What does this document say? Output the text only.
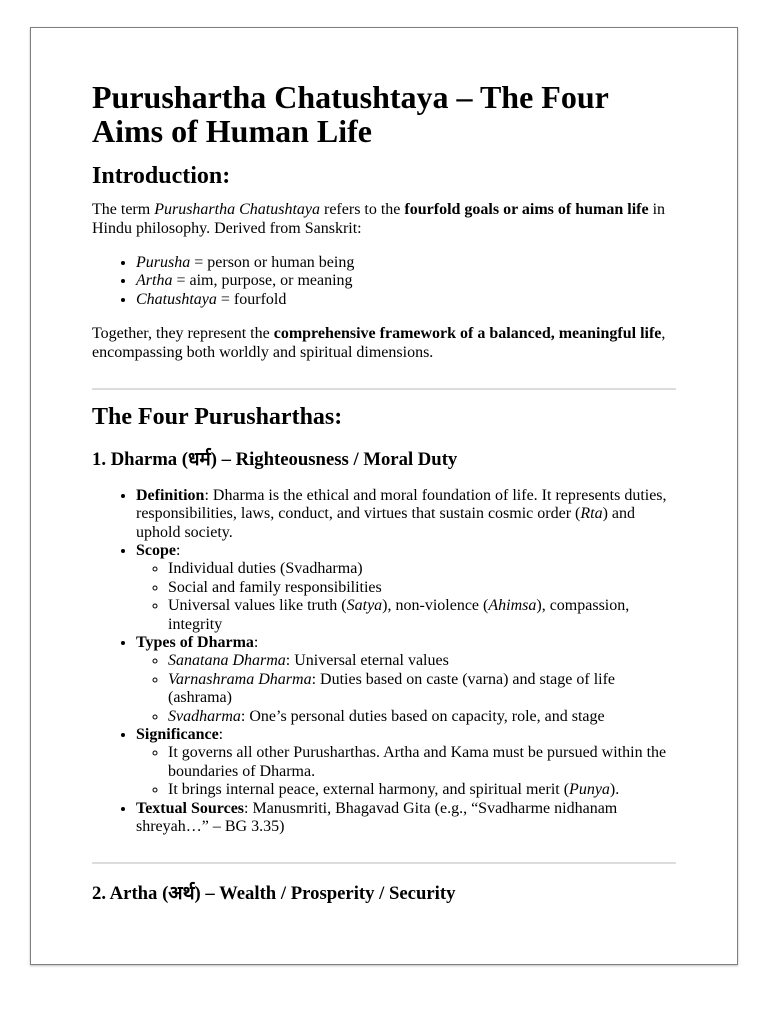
Purushartha Chatushtaya – The Four Aims of Human Life
Introduction:

The term Purushartha Chatushtaya refers to the fourfold goals or aims of human life in Hindu philosophy. Derived from Sanskrit:

• Purusha = person or human being
• Artha = aim, purpose, or meaning
• Chatushtaya = fourfold

Together, they represent the comprehensive framework of a balanced, meaningful life, encompassing both worldly and spiritual dimensions.

The Four Purusharthas:
1. Dharma (धर्म) – Righteousness / Moral Duty
• Definition: Dharma is the ethical and moral foundation of life. It represents duties, responsibilities, laws, conduct, and virtues that sustain cosmic order (Rta) and uphold society.
• Scope:
◦ Individual duties (Svadharma)
◦ Social and family responsibilities
◦ Universal values like truth (Satya), non-violence (Ahimsa), compassion, integrity
• Types of Dharma:
◦ Sanatana Dharma: Universal eternal values
◦ Varnashrama Dharma: Duties based on caste (varna) and stage of life (ashrama)
◦ Svadharma: One’s personal duties based on capacity, role, and stage
• Significance:
◦ It governs all other Purusharthas. Artha and Kama must be pursued within the boundaries of Dharma.
◦ It brings internal peace, external harmony, and spiritual merit (Punya).
• Textual Sources: Manusmriti, Bhagavad Gita (e.g., “Svadharme nidhanam shreyah…” – BG 3.35)
2. Artha (अर्थ) – Wealth / Prosperity / Security
